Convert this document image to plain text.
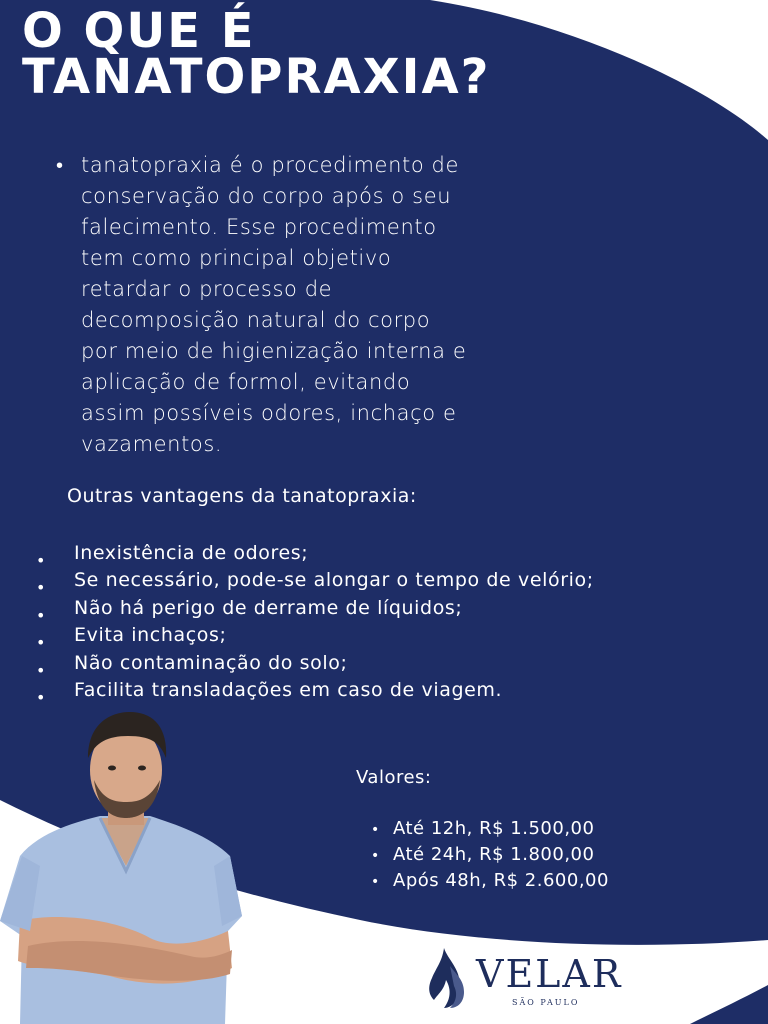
O QUE É
TANATOPRAXIA?
• tanatopraxia é o procedimento de
conservação do corpo após o seu
falecimento. Esse procedimento
tem como principal objetivo
retardar o processo de
decomposição natural do corpo
por meio de higienização interna e
aplicação de formol, evitando
assim possíveis odores, inchaço e
vazamentos.
Outras vantagens da tanatopraxia:
• Inexistência de odores;
• Se necessário, pode-se alongar o tempo de velório;
• Não há perigo de derrame de líquidos;
• Evita inchaços;
• Não contaminação do solo;
• Facilita transladações em caso de viagem.
Valores:
• Até 12h, R$ 1.500,00
• Até 24h, R$ 1.800,00
• Após 48h, R$ 2.600,00
VELAR
SÃO PAULO
